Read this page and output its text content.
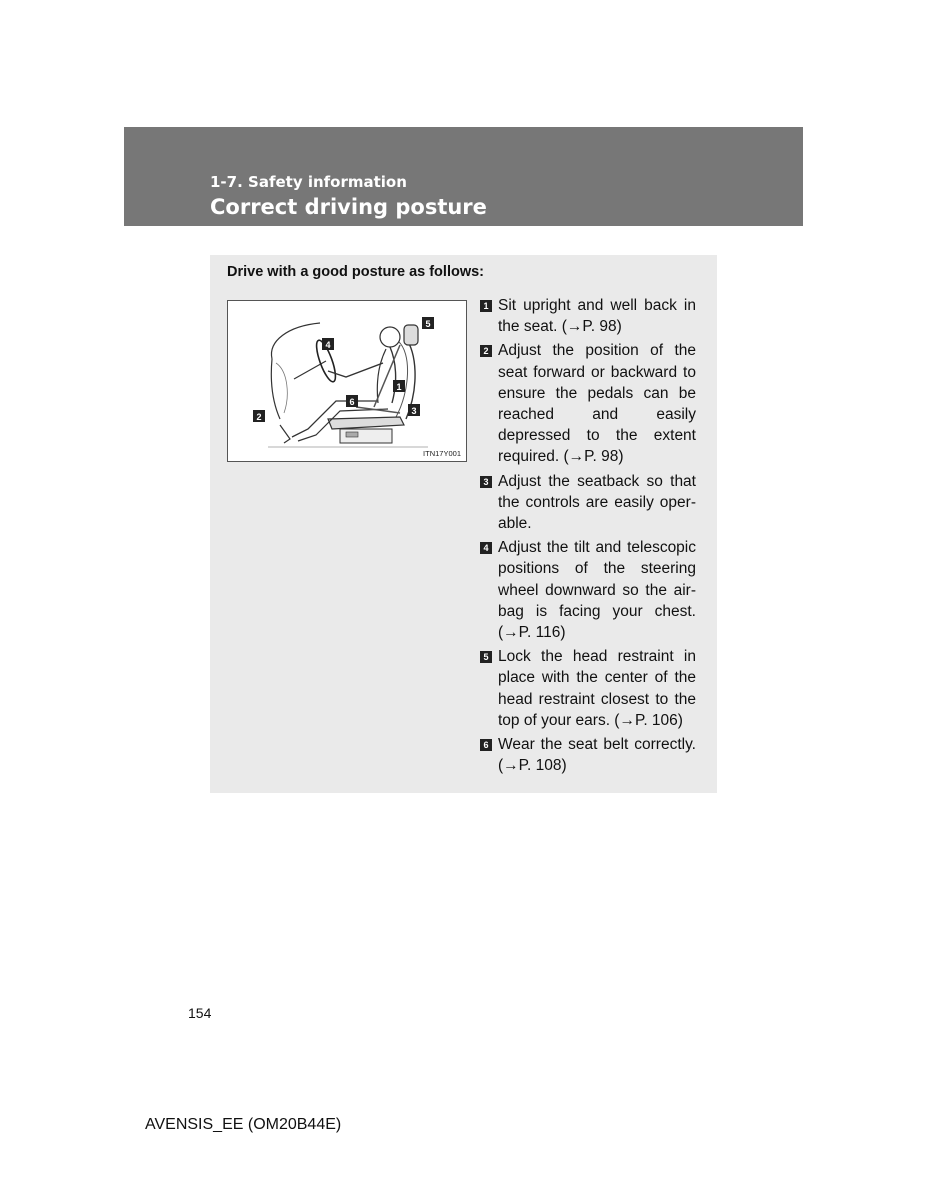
1-7. Safety information
Correct driving posture
Drive with a good posture as follows:
5
4
1
6
3
2
ITN17Y001
1 Sit upright and well back in the seat. (→P. 98)
2 Adjust the position of the seat forward or backward to ensure the pedals can be reached and easily depressed to the extent required. (→P. 98)
3 Adjust the seatback so that the controls are easily oper-able.
4 Adjust the tilt and telescopic positions of the steering wheel downward so the air-bag is facing your chest. (→P. 116)
5 Lock the head restraint in place with the center of the head restraint closest to the top of your ears. (→P. 106)
6 Wear the seat belt correctly. (→P. 108)
154
AVENSIS_EE (OM20B44E)
